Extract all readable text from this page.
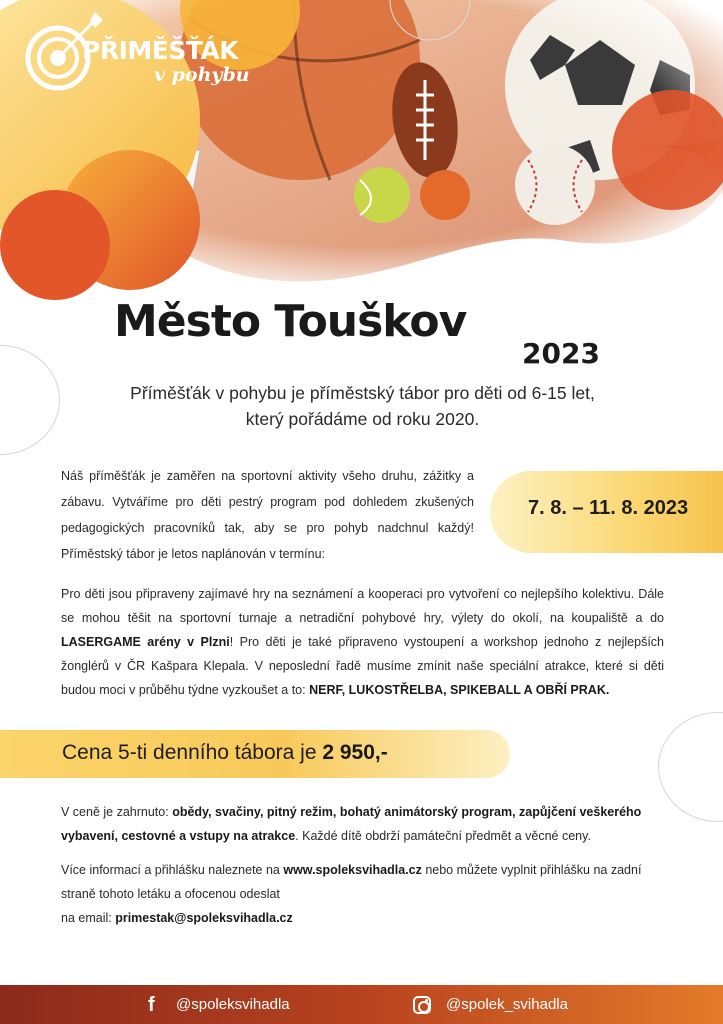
PŘIMĚŠŤÁK
v pohybu
Město Touškov
2023
Příměšťák v pohybu je příměstský tábor pro děti od 6-15 let,
který pořádáme od roku 2020.
Náš příměšťák je zaměřen na sportovní aktivity všeho druhu, zážitky a zábavu. Vytváříme pro děti pestrý program pod dohledem zkušených pedagogických pracovníků tak, aby se pro pohyb nadchnul každý! Příměstský tábor je letos naplánován v termínu:
7. 8. – 11. 8. 2023
Pro děti jsou připraveny zajímavé hry na seznámení a kooperaci pro vytvoření co nejlepšího kolektivu. Dále se mohou těšit na sportovní turnaje a netradiční pohybové hry, výlety do okolí, na koupaliště a do LASERGAME arény v Plzni! Pro děti je také připraveno vystoupení a workshop jednoho z nejlepších žonglérů v ČR Kašpara Klepala. V neposlední řadě musíme zmínit naše speciální atrakce, které si děti budou moci v průběhu týdne vyzkoušet a to: NERF, LUKOSTŘELBA, SPIKEBALL A OBŘÍ PRAK.
Cena 5-ti denního tábora je 2 950,-
V ceně je zahrnuto: obědy, svačiny, pitný režim, bohatý animátorský program, zapůjčení veškerého vybavení, cestovné a vstupy na atrakce. Každé dítě obdrží památeční předmět a věcné ceny.
Více informací a přihlášku naleznete na www.spoleksvihadla.cz nebo můžete vyplnit přihlášku na zadní straně tohoto letáku a ofocenou odeslat
na email: primestak@spoleksvihadla.cz
f	@spoleksvihadla	@spolek_svihadla
